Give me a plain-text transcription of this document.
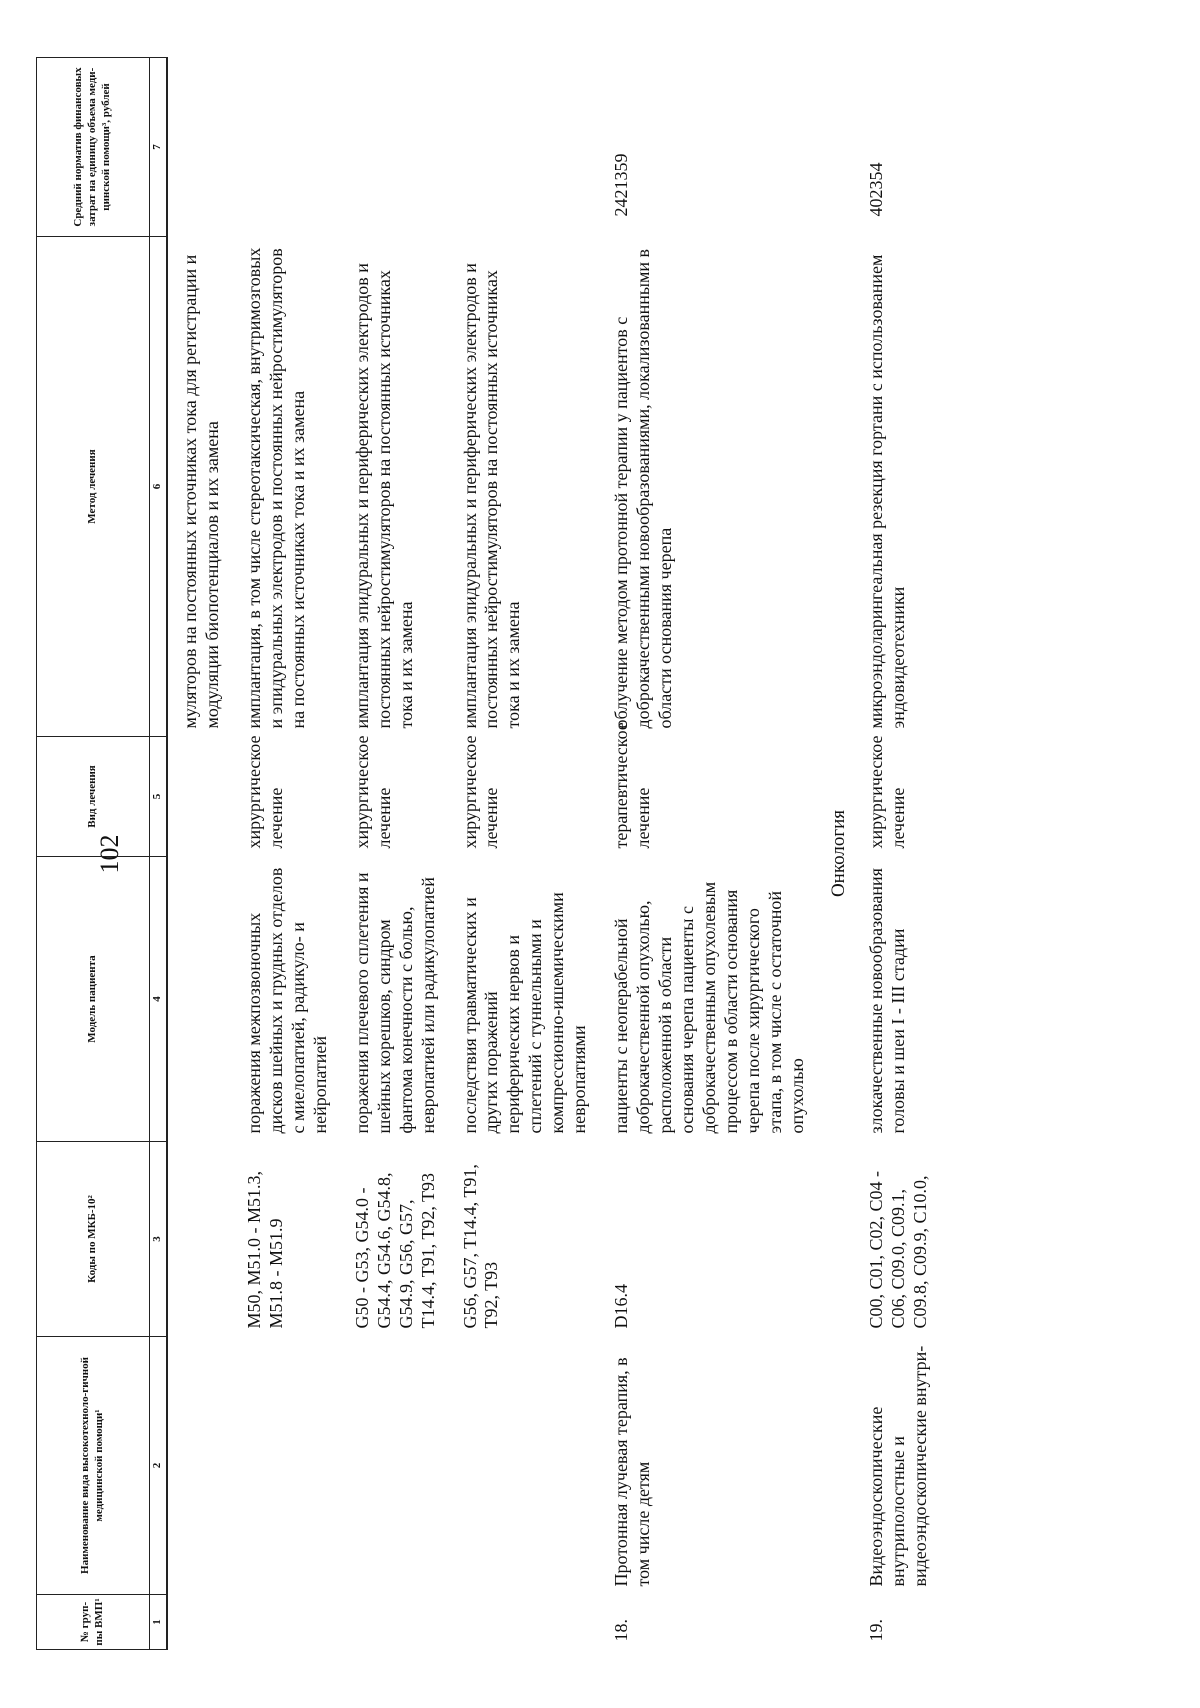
102
№ груп-пы ВМП¹	Наименование вида высокотехноло-гичной медицинской помощи¹	Коды по МКБ-10²	Модель пациента	Вид лечения	Метод лечения	Средний норматив финансовых затрат на единицу объема меди-цинской помощи³, рублей
1	2	3	4	5	6	7
					муляторов на постоянных источниках тока для регистрации и модуляции биопотенциалов и их замена	
		M50, M51.0 - M51.3, M51.8 - M51.9	поражения межпозвоночных дисков шейных и грудных отделов с миелопатией, радикуло- и нейропатией	хирургическое лечение	имплантация, в том числе стереотаксическая, внутримозговых и эпидуральных электродов и постоянных нейростимуляторов на постоянных источниках тока и их замена	
		G50 - G53, G54.0 - G54.4, G54.6, G54.8, G54.9, G56, G57, T14.4, T91, T92, T93	поражения плечевого сплетения и шейных корешков, синдром фантома конечности с болью, невропатией или радикулопатией	хирургическое лечение	имплантация эпидуральных и периферических электродов и постоянных нейростимуляторов на постоянных источниках тока и их замена	
		G56, G57, T14.4, T91, T92, T93	последствия травматических и других поражений периферических нервов и сплетений с туннельными и компрессионно-ишемическими невропатиями	хирургическое лечение	имплантация эпидуральных и периферических электродов и постоянных нейростимуляторов на постоянных источниках тока и их замена	
18.	Протонная лучевая терапия, в том числе детям	D16.4	пациенты с неоперабельной доброкачественной опухолью, расположенной в области основания черепа пациенты с доброкачественным опухолевым процессом в области основания черепа после хирургического этапа, в том числе с остаточной опухолью	терапевтическое лечение	облучение методом протонной терапии у пациентов с доброкачественными новообразованиями, локализованными в области основания черепа	2421359
Онкология						
19.	Видеоэндоскопические внутриполостные и видеоэндоскопические внутри-	C00, C01, C02, C04 - C06, C09.0, C09.1, C09.8, C09.9, C10.0,	злокачественные новообразования головы и шеи I - III стадии	хирургическое лечение	микроэндоларингеальная резекция гортани с использованием эндовидеотехники	402354
